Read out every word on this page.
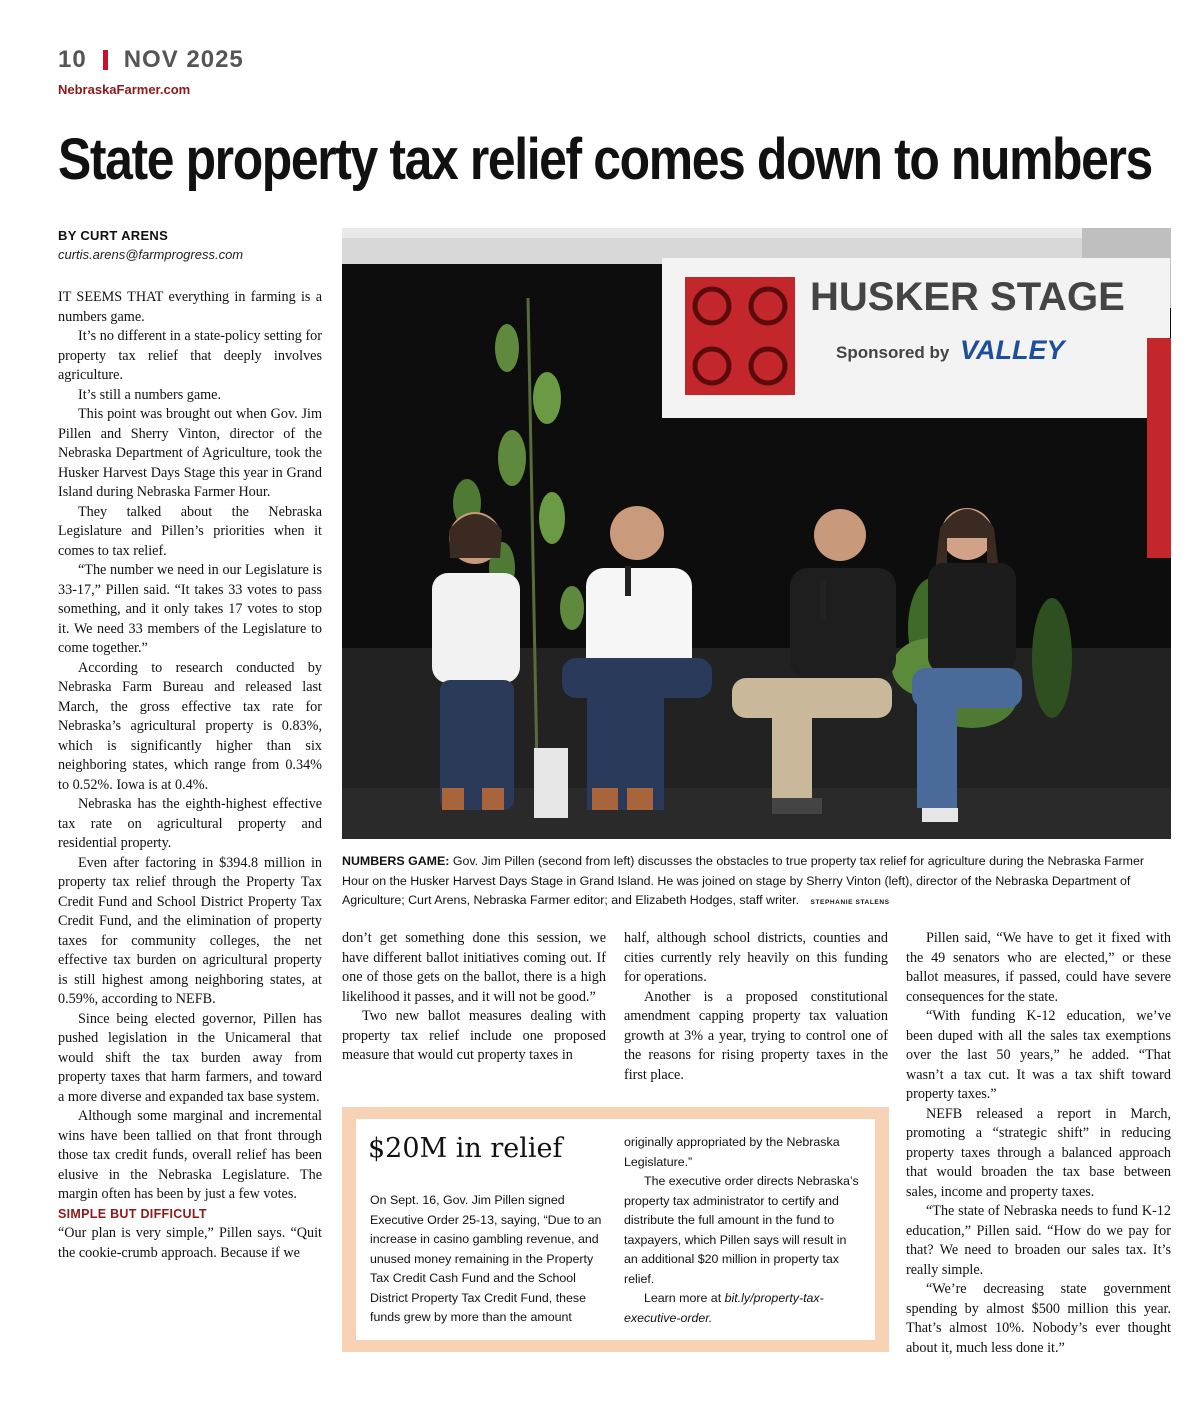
10 NOV 2025
NebraskaFarmer.com
State property tax relief comes down to numbers
BY CURT ARENS
curtis.arens@farmprogress.com

IT SEEMS THAT everything in farming is a numbers game.

It’s no different in a state-policy setting for property tax relief that deeply involves agriculture.

It’s still a numbers game.

This point was brought out when Gov. Jim Pillen and Sherry Vinton, director of the Nebraska Department of Agriculture, took the Husker Harvest Days Stage this year in Grand Island during Nebraska Farmer Hour.

They talked about the Nebraska Legislature and Pillen’s priorities when it comes to tax relief.

“The number we need in our Legislature is 33-17,” Pillen said. “It takes 33 votes to pass something, and it only takes 17 votes to stop it. We need 33 members of the Legislature to come together.”

According to research conducted by Nebraska Farm Bureau and released last March, the gross effective tax rate for Nebraska’s agricultural property is 0.83%, which is significantly higher than six neighboring states, which range from 0.34% to 0.52%. Iowa is at 0.4%.

Nebraska has the eighth-highest effective tax rate on agricultural property and residential property.

Even after factoring in $394.8 million in property tax relief through the Property Tax Credit Fund and School District Property Tax Credit Fund, and the elimination of property taxes for community colleges, the net effective tax burden on agricultural property is still highest among neighboring states, at 0.59%, according to NEFB.

Since being elected governor, Pillen has pushed legislation in the Unicameral that would shift the tax burden away from property taxes that harm farmers, and toward a more diverse and expanded tax base system.

Although some marginal and incremental wins have been tallied on that front through those tax credit funds, overall relief has been elusive in the Nebraska Legislature. The margin often has been by just a few votes.

SIMPLE BUT DIFFICULT

“Our plan is very simple,” Pillen says. “Quit the cookie-crumb approach. Because if we

HUSKER STAGE
Sponsored by VALLEY
NUMBERS GAME: Gov. Jim Pillen (second from left) discusses the obstacles to true property tax relief for agriculture during the Nebraska Farmer Hour on the Husker Harvest Days Stage in Grand Island. He was joined on stage by Sherry Vinton (left), director of the Nebraska Department of Agriculture; Curt Arens, Nebraska Farmer editor; and Elizabeth Hodges, staff writer. STEPHANIE STALENS

don’t get something done this session, we have different ballot initiatives coming out. If one of those gets on the ballot, there is a high likelihood it passes, and it will not be good.”

Two new ballot measures dealing with property tax relief include one proposed measure that would cut property taxes in

half, although school districts, counties and cities currently rely heavily on this funding for operations.

Another is a proposed constitutional amendment capping property tax valuation growth at 3% a year, trying to control one of the reasons for rising property taxes in the first place.

Pillen said, “We have to get it fixed with the 49 senators who are elected,” or these ballot measures, if passed, could have severe consequences for the state.

“With funding K-12 education, we’ve been duped with all the sales tax exemptions over the last 50 years,” he added. “That wasn’t a tax cut. It was a tax shift toward property taxes.”

NEFB released a report in March, promoting a “strategic shift” in reducing property taxes through a balanced approach that would broaden the tax base between sales, income and property taxes.

“The state of Nebraska needs to fund K-12 education,” Pillen said. “How do we pay for that? We need to broaden our sales tax. It’s really simple.

“We’re decreasing state government spending by almost $500 million this year. That’s almost 10%. Nobody’s ever thought about it, much less done it.”

$20M in relief

On Sept. 16, Gov. Jim Pillen signed Executive Order 25-13, saying, “Due to an increase in casino gambling revenue, and unused money remaining in the Property Tax Credit Cash Fund and the School District Property Tax Credit Fund, these funds grew by more than the amount

originally appropriated by the Nebraska Legislature.”

The executive order directs Nebraska’s property tax administrator to certify and distribute the full amount in the fund to taxpayers, which Pillen says will result in an additional $20 million in property tax relief.

Learn more at bit.ly/property-tax-executive-order.
